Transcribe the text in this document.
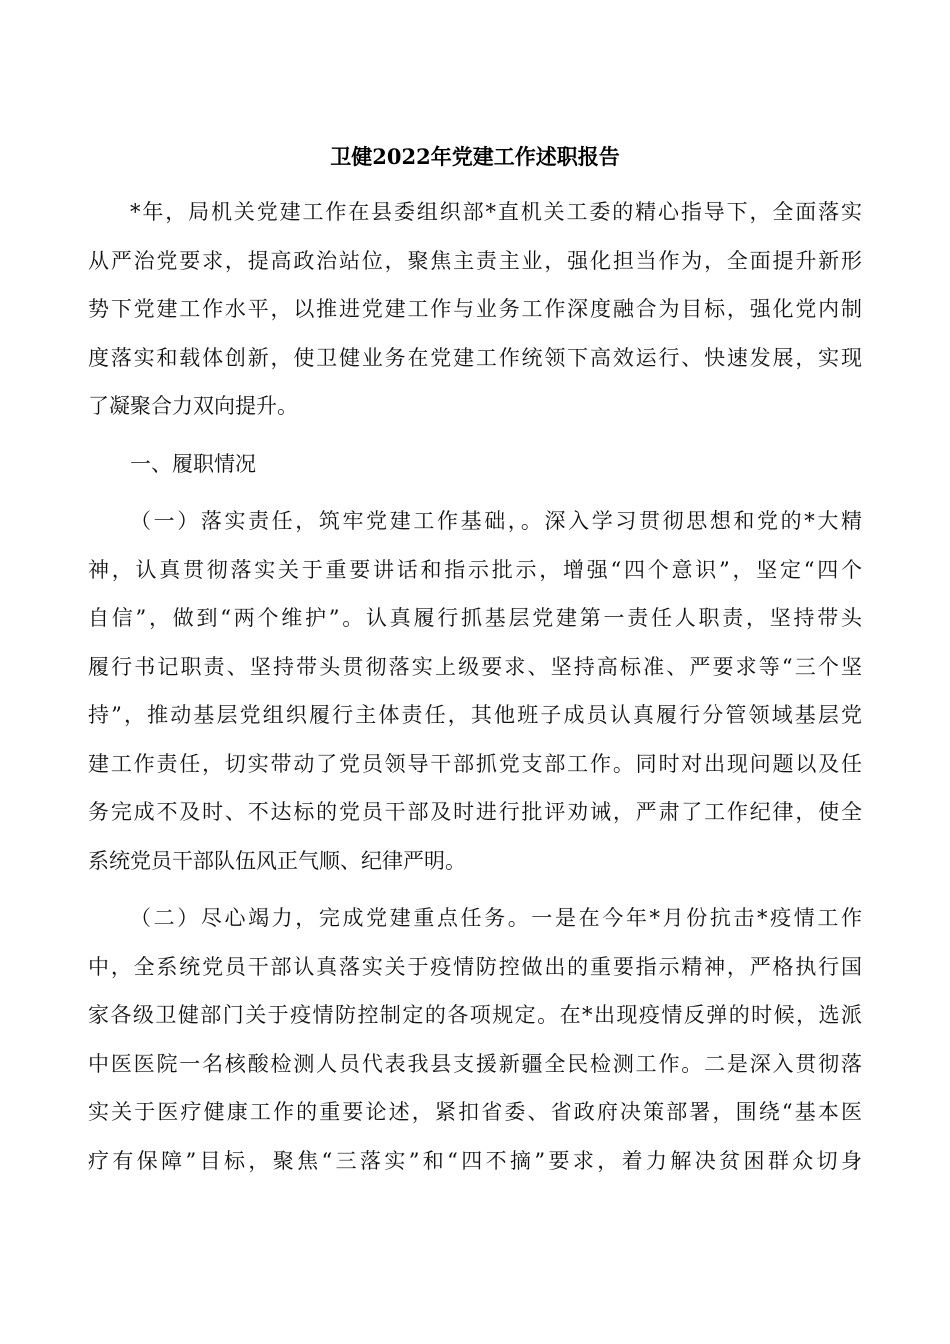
卫健2022年党建工作述职报告
*年，局机关党建工作在县委组织部*直机关工委的精心指导下，全面落实
从严治党要求，提高政治站位，聚焦主责主业，强化担当作为，全面提升新形
势下党建工作水平，以推进党建工作与业务工作深度融合为目标，强化党内制
度落实和载体创新，使卫健业务在党建工作统领下高效运行、快速发展，实现
了凝聚合力双向提升。
一、履职情况
（一）落实责任，筑牢党建工作基础，。深入学习贯彻思想和党的*大精
神，认真贯彻落实关于重要讲话和指示批示，增强“四个意识”，坚定“四个
自信”，做到“两个维护”。认真履行抓基层党建第一责任人职责，坚持带头
履行书记职责、坚持带头贯彻落实上级要求、坚持高标准、严要求等“三个坚
持”，推动基层党组织履行主体责任，其他班子成员认真履行分管领域基层党
建工作责任，切实带动了党员领导干部抓党支部工作。同时对出现问题以及任
务完成不及时、不达标的党员干部及时进行批评劝诫，严肃了工作纪律，使全
系统党员干部队伍风正气顺、纪律严明。
（二）尽心竭力，完成党建重点任务。一是在今年*月份抗击*疫情工作
中，全系统党员干部认真落实关于疫情防控做出的重要指示精神，严格执行国
家各级卫健部门关于疫情防控制定的各项规定。在*出现疫情反弹的时候，选派
中医医院一名核酸检测人员代表我县支援新疆全民检测工作。二是深入贯彻落
实关于医疗健康工作的重要论述，紧扣省委、省政府决策部署，围绕“基本医
疗有保障”目标，聚焦“三落实”和“四不摘”要求，着力解决贫困群众切身
